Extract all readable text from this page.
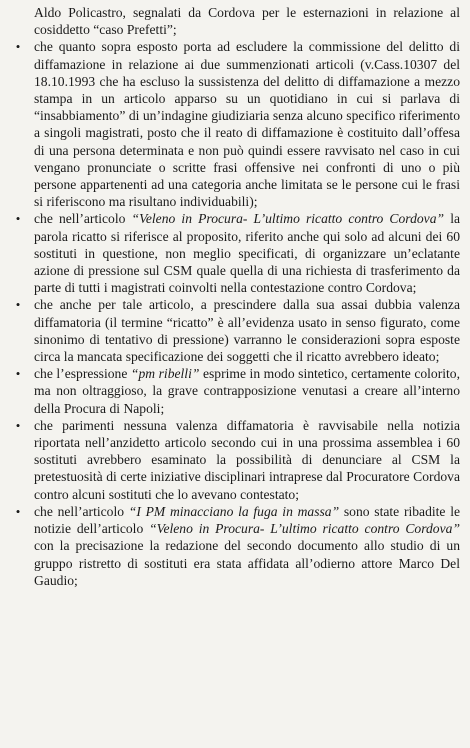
Aldo Policastro, segnalati da Cordova per le esternazioni in relazione al cosiddetto “caso Prefetti”;

•	che quanto sopra esposto porta ad escludere la commissione del delitto di diffamazione in relazione ai due summenzionati articoli (v.Cass.10307 del 18.10.1993 che ha escluso la sussistenza del delitto di diffamazione a mezzo stampa in un articolo apparso su un quotidiano in cui si parlava di “insabbiamento” di un’indagine giudiziaria senza alcuno specifico riferimento a singoli magistrati, posto che il reato di diffamazione è costituito dall’offesa di una persona determinata e non può quindi essere ravvisato nel caso in cui vengano pronunciate o scritte frasi offensive nei confronti di uno o più persone appartenenti ad una categoria anche limitata se le persone cui le frasi si riferiscono ma risultano individuabili);

•	che nell’articolo “Veleno in Procura- L’ultimo ricatto contro Cordova” la parola ricatto si riferisce al proposito, riferito anche qui solo ad alcuni dei 60 sostituti in questione, non meglio specificati, di organizzare un’eclatante azione di pressione sul CSM quale quella di una richiesta di trasferimento da parte di tutti i magistrati coinvolti nella contestazione contro Cordova;

•	che anche per tale articolo, a prescindere dalla sua assai dubbia valenza diffamatoria (il termine “ricatto” è all’evidenza usato in senso figurato, come sinonimo di tentativo di pressione) varranno le considerazioni sopra esposte circa la mancata specificazione dei soggetti che il ricatto avrebbero ideato;

•	che l’espressione “pm ribelli” esprime in modo sintetico, certamente colorito, ma non oltraggioso, la grave contrapposizione venutasi a creare all’interno della Procura di Napoli;

•	che parimenti nessuna valenza diffamatoria è ravvisabile nella notizia riportata nell’anzidetto articolo secondo cui in una prossima assemblea i 60 sostituti avrebbero esaminato la possibilità di denunciare al CSM la pretestuosità di certe iniziative disciplinari intraprese dal Procuratore Cordova contro alcuni sostituti che lo avevano contestato;

•	che nell’articolo “I PM minacciano la fuga in massa” sono state ribadite le notizie dell’articolo “Veleno in Procura- L’ultimo ricatto contro Cordova” con la precisazione la redazione del secondo documento allo studio di un gruppo ristretto di sostituti era stata affidata all’odierno attore Marco Del Gaudio;
